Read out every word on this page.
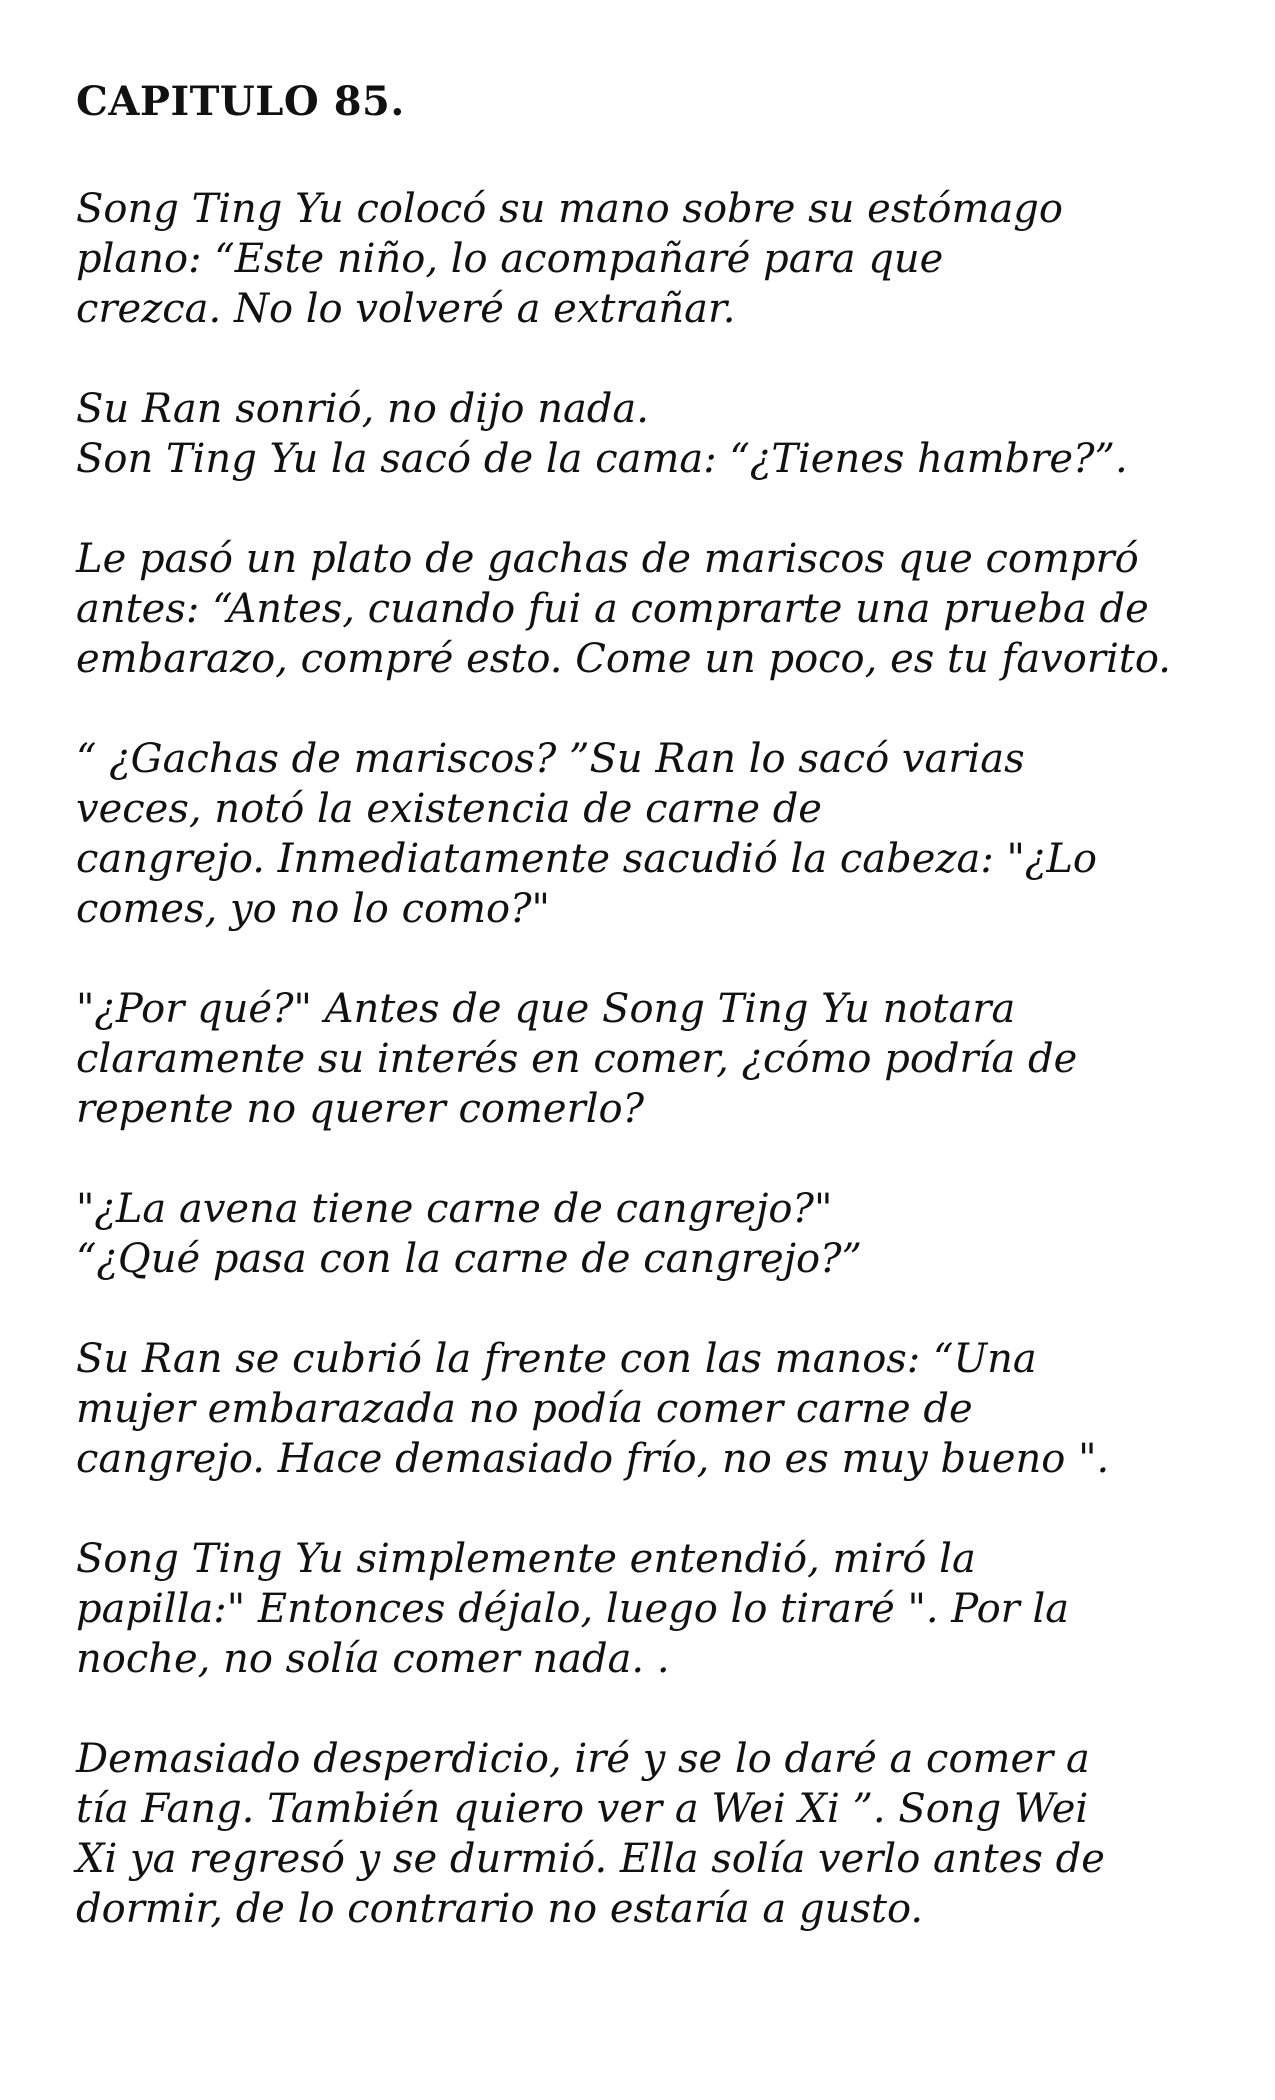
CAPITULO 85.
Song Ting Yu colocó su mano sobre su estómago
plano: “Este niño, lo acompañaré para que
crezca. No lo volveré a extrañar.
Su Ran sonrió, no dijo nada.
Son Ting Yu la sacó de la cama: “¿Tienes hambre?”.
Le pasó un plato de gachas de mariscos que compró
antes: “Antes, cuando fui a comprarte una prueba de
embarazo, compré esto. Come un poco, es tu favorito.
“ ¿Gachas de mariscos? ”Su Ran lo sacó varias
veces, notó la existencia de carne de
cangrejo. Inmediatamente sacudió la cabeza: "¿Lo
comes, yo no lo como?"
"¿Por qué?" Antes de que Song Ting Yu notara
claramente su interés en comer, ¿cómo podría de
repente no querer comerlo?
"¿La avena tiene carne de cangrejo?"
“¿Qué pasa con la carne de cangrejo?”
Su Ran se cubrió la frente con las manos: “Una
mujer embarazada no podía comer carne de
cangrejo. Hace demasiado frío, no es muy bueno ".
Song Ting Yu simplemente entendió, miró la
papilla:" Entonces déjalo, luego lo tiraré ". Por la
noche, no solía comer nada. .
Demasiado desperdicio, iré y se lo daré a comer a
tía Fang. También quiero ver a Wei Xi ”. Song Wei
Xi ya regresó y se durmió. Ella solía verlo antes de
dormir, de lo contrario no estaría a gusto.
